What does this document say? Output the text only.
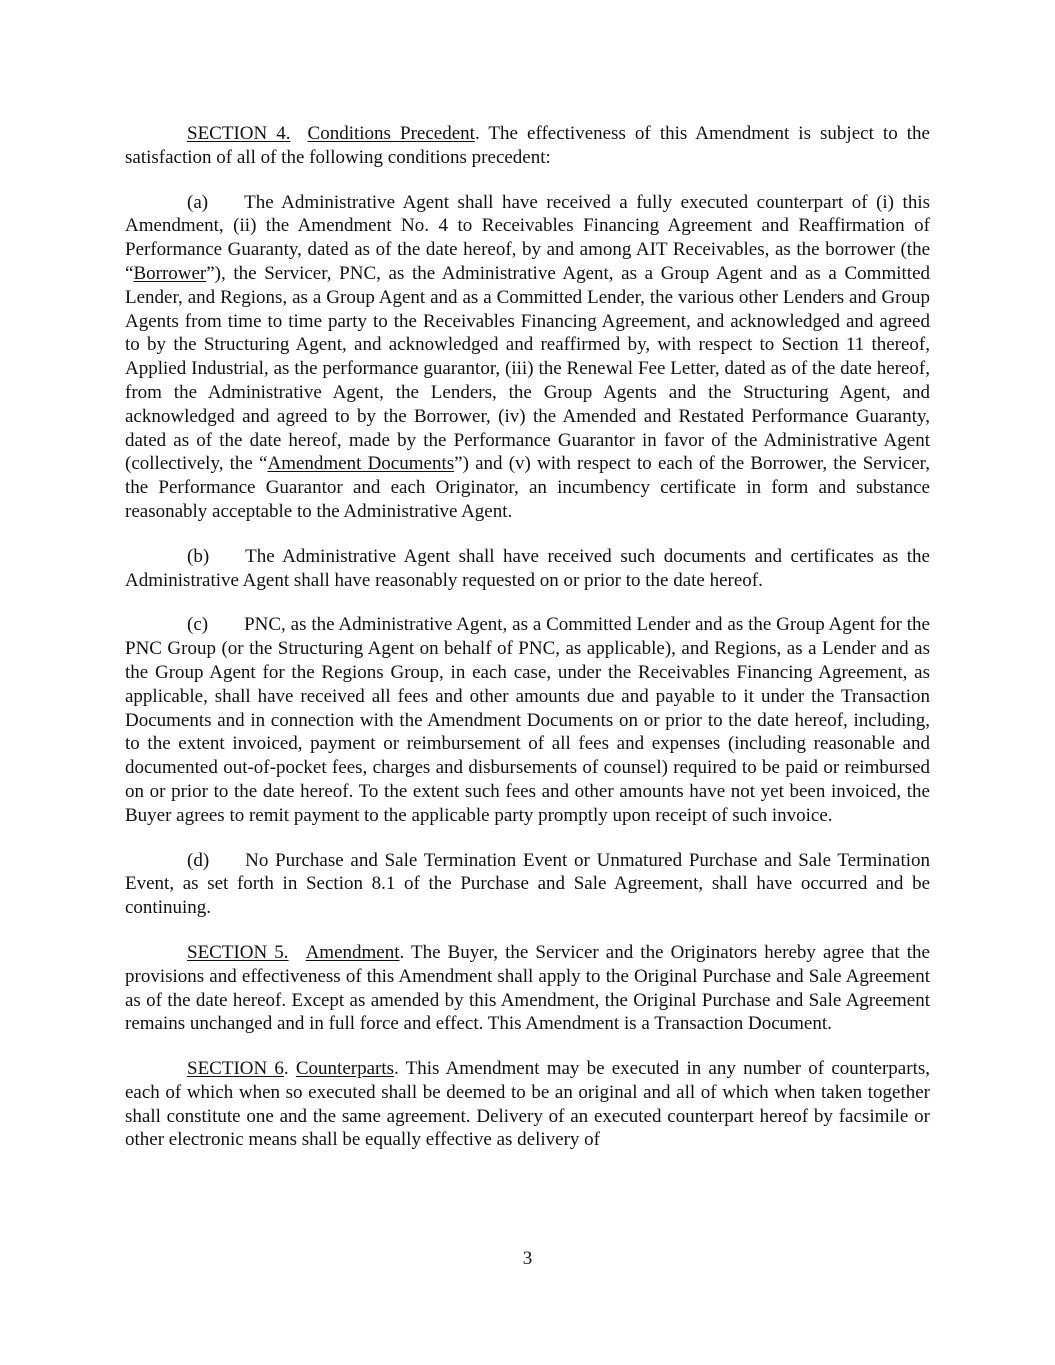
SECTION 4. Conditions Precedent. The effectiveness of this Amendment is subject to the satisfaction of all of the following conditions precedent:

(a) The Administrative Agent shall have received a fully executed counterpart of (i) this Amendment, (ii) the Amendment No. 4 to Receivables Financing Agreement and Reaffirmation of Performance Guaranty, dated as of the date hereof, by and among AIT Receivables, as the borrower (the “Borrower”), the Servicer, PNC, as the Administrative Agent, as a Group Agent and as a Committed Lender, and Regions, as a Group Agent and as a Committed Lender, the various other Lenders and Group Agents from time to time party to the Receivables Financing Agreement, and acknowledged and agreed to by the Structuring Agent, and acknowledged and reaffirmed by, with respect to Section 11 thereof, Applied Industrial, as the performance guarantor, (iii) the Renewal Fee Letter, dated as of the date hereof, from the Administrative Agent, the Lenders, the Group Agents and the Structuring Agent, and acknowledged and agreed to by the Borrower, (iv) the Amended and Restated Performance Guaranty, dated as of the date hereof, made by the Performance Guarantor in favor of the Administrative Agent (collectively, the “Amendment Documents”) and (v) with respect to each of the Borrower, the Servicer, the Performance Guarantor and each Originator, an incumbency certificate in form and substance reasonably acceptable to the Administrative Agent.

(b) The Administrative Agent shall have received such documents and certificates as the Administrative Agent shall have reasonably requested on or prior to the date hereof.

(c) PNC, as the Administrative Agent, as a Committed Lender and as the Group Agent for the PNC Group (or the Structuring Agent on behalf of PNC, as applicable), and Regions, as a Lender and as the Group Agent for the Regions Group, in each case, under the Receivables Financing Agreement, as applicable, shall have received all fees and other amounts due and payable to it under the Transaction Documents and in connection with the Amendment Documents on or prior to the date hereof, including, to the extent invoiced, payment or reimbursement of all fees and expenses (including reasonable and documented out-of-pocket fees, charges and disbursements of counsel) required to be paid or reimbursed on or prior to the date hereof. To the extent such fees and other amounts have not yet been invoiced, the Buyer agrees to remit payment to the applicable party promptly upon receipt of such invoice.

(d) No Purchase and Sale Termination Event or Unmatured Purchase and Sale Termination Event, as set forth in Section 8.1 of the Purchase and Sale Agreement, shall have occurred and be continuing.

SECTION 5. Amendment. The Buyer, the Servicer and the Originators hereby agree that the provisions and effectiveness of this Amendment shall apply to the Original Purchase and Sale Agreement as of the date hereof. Except as amended by this Amendment, the Original Purchase and Sale Agreement remains unchanged and in full force and effect. This Amendment is a Transaction Document.

SECTION 6. Counterparts. This Amendment may be executed in any number of counterparts, each of which when so executed shall be deemed to be an original and all of which when taken together shall constitute one and the same agreement. Delivery of an executed counterpart hereof by facsimile or other electronic means shall be equally effective as delivery of

3
